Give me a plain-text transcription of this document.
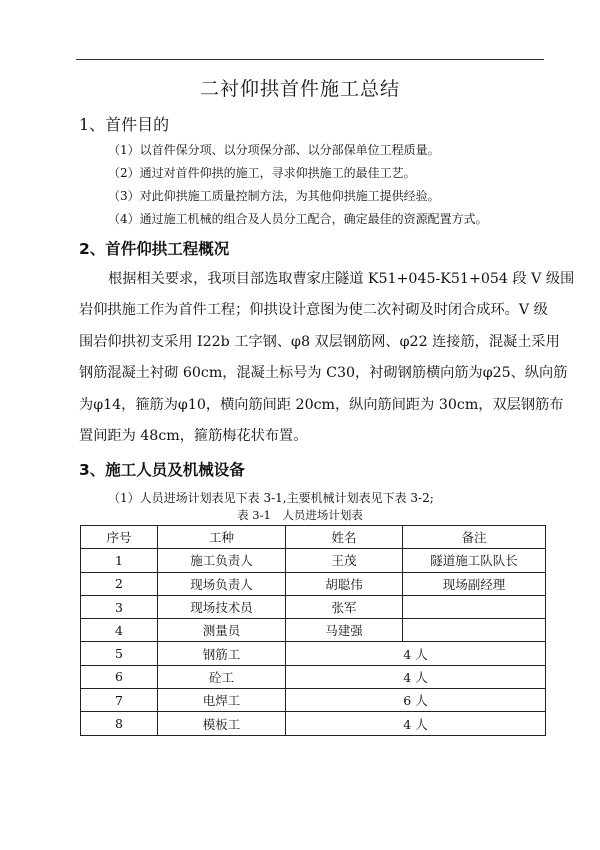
二衬仰拱首件施工总结
1、首件目的
（1）以首件保分项、以分项保分部、以分部保单位工程质量。
（2）通过对首件仰拱的施工，寻求仰拱施工的最佳工艺。
（3）对此仰拱施工质量控制方法，为其他仰拱施工提供经验。
（4）通过施工机械的组合及人员分工配合，确定最佳的资源配置方式。
2、首件仰拱工程概况
根据相关要求，我项目部选取曹家庄隧道 K51+045-K51+054 段 V 级围
岩仰拱施工作为首件工程；仰拱设计意图为使二次衬砌及时闭合成环。V 级
围岩仰拱初支采用 I22b 工字钢、φ8 双层钢筋网、φ22 连接筋，混凝土采用
钢筋混凝土衬砌 60cm，混凝土标号为 C30，衬砌钢筋横向筋为φ25、纵向筋
为φ14，箍筋为φ10，横向筋间距 20cm，纵向筋间距为 30cm，双层钢筋布
置间距为 48cm，箍筋梅花状布置。
3、施工人员及机械设备
（1）人员进场计划表见下表 3-1,主要机械计划表见下表 3-2;
表 3-1　人员进场计划表
序号	工种	姓名	备注
1	施工负责人	王茂	隧道施工队队长
2	现场负责人	胡聪伟	现场副经理
3	现场技术员	张军	
4	测量员	马建强	
5	钢筋工	4 人	
6	砼工	4 人	
7	电焊工	6 人	
8	模板工	4 人	
